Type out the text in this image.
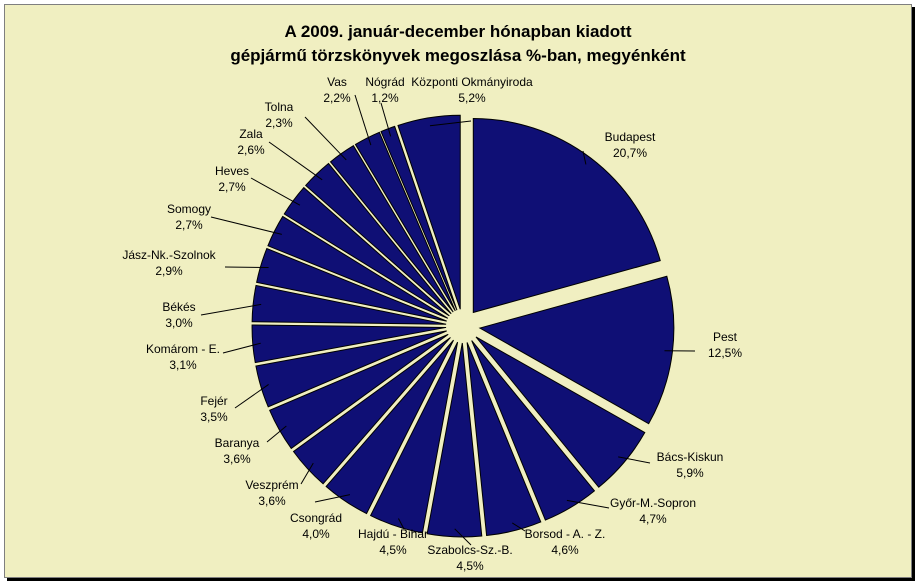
A 2009. január-december hónapban kiadott
gépjármű törzskönyvek megoszlása %-ban, megyénként
Budapest
20,7%
Pest
12,5%
Bács-Kiskun
5,9%
Győr-M.-Sopron
4,7%
Borsod - A. - Z.
4,6%
Szabolcs-Sz.-B.
4,5%
Hajdú - Bihar
4,5%
Csongrád
4,0%
Veszprém
3,6%
Baranya
3,6%
Fejér
3,5%
Komárom - E.
3,1%
Békés
3,0%
Jász-Nk.-Szolnok
2,9%
Somogy
2,7%
Heves
2,7%
Zala
2,6%
Tolna
2,3%
Vas
2,2%
Nógrád
1,2%
Központi Okmányiroda
5,2%
